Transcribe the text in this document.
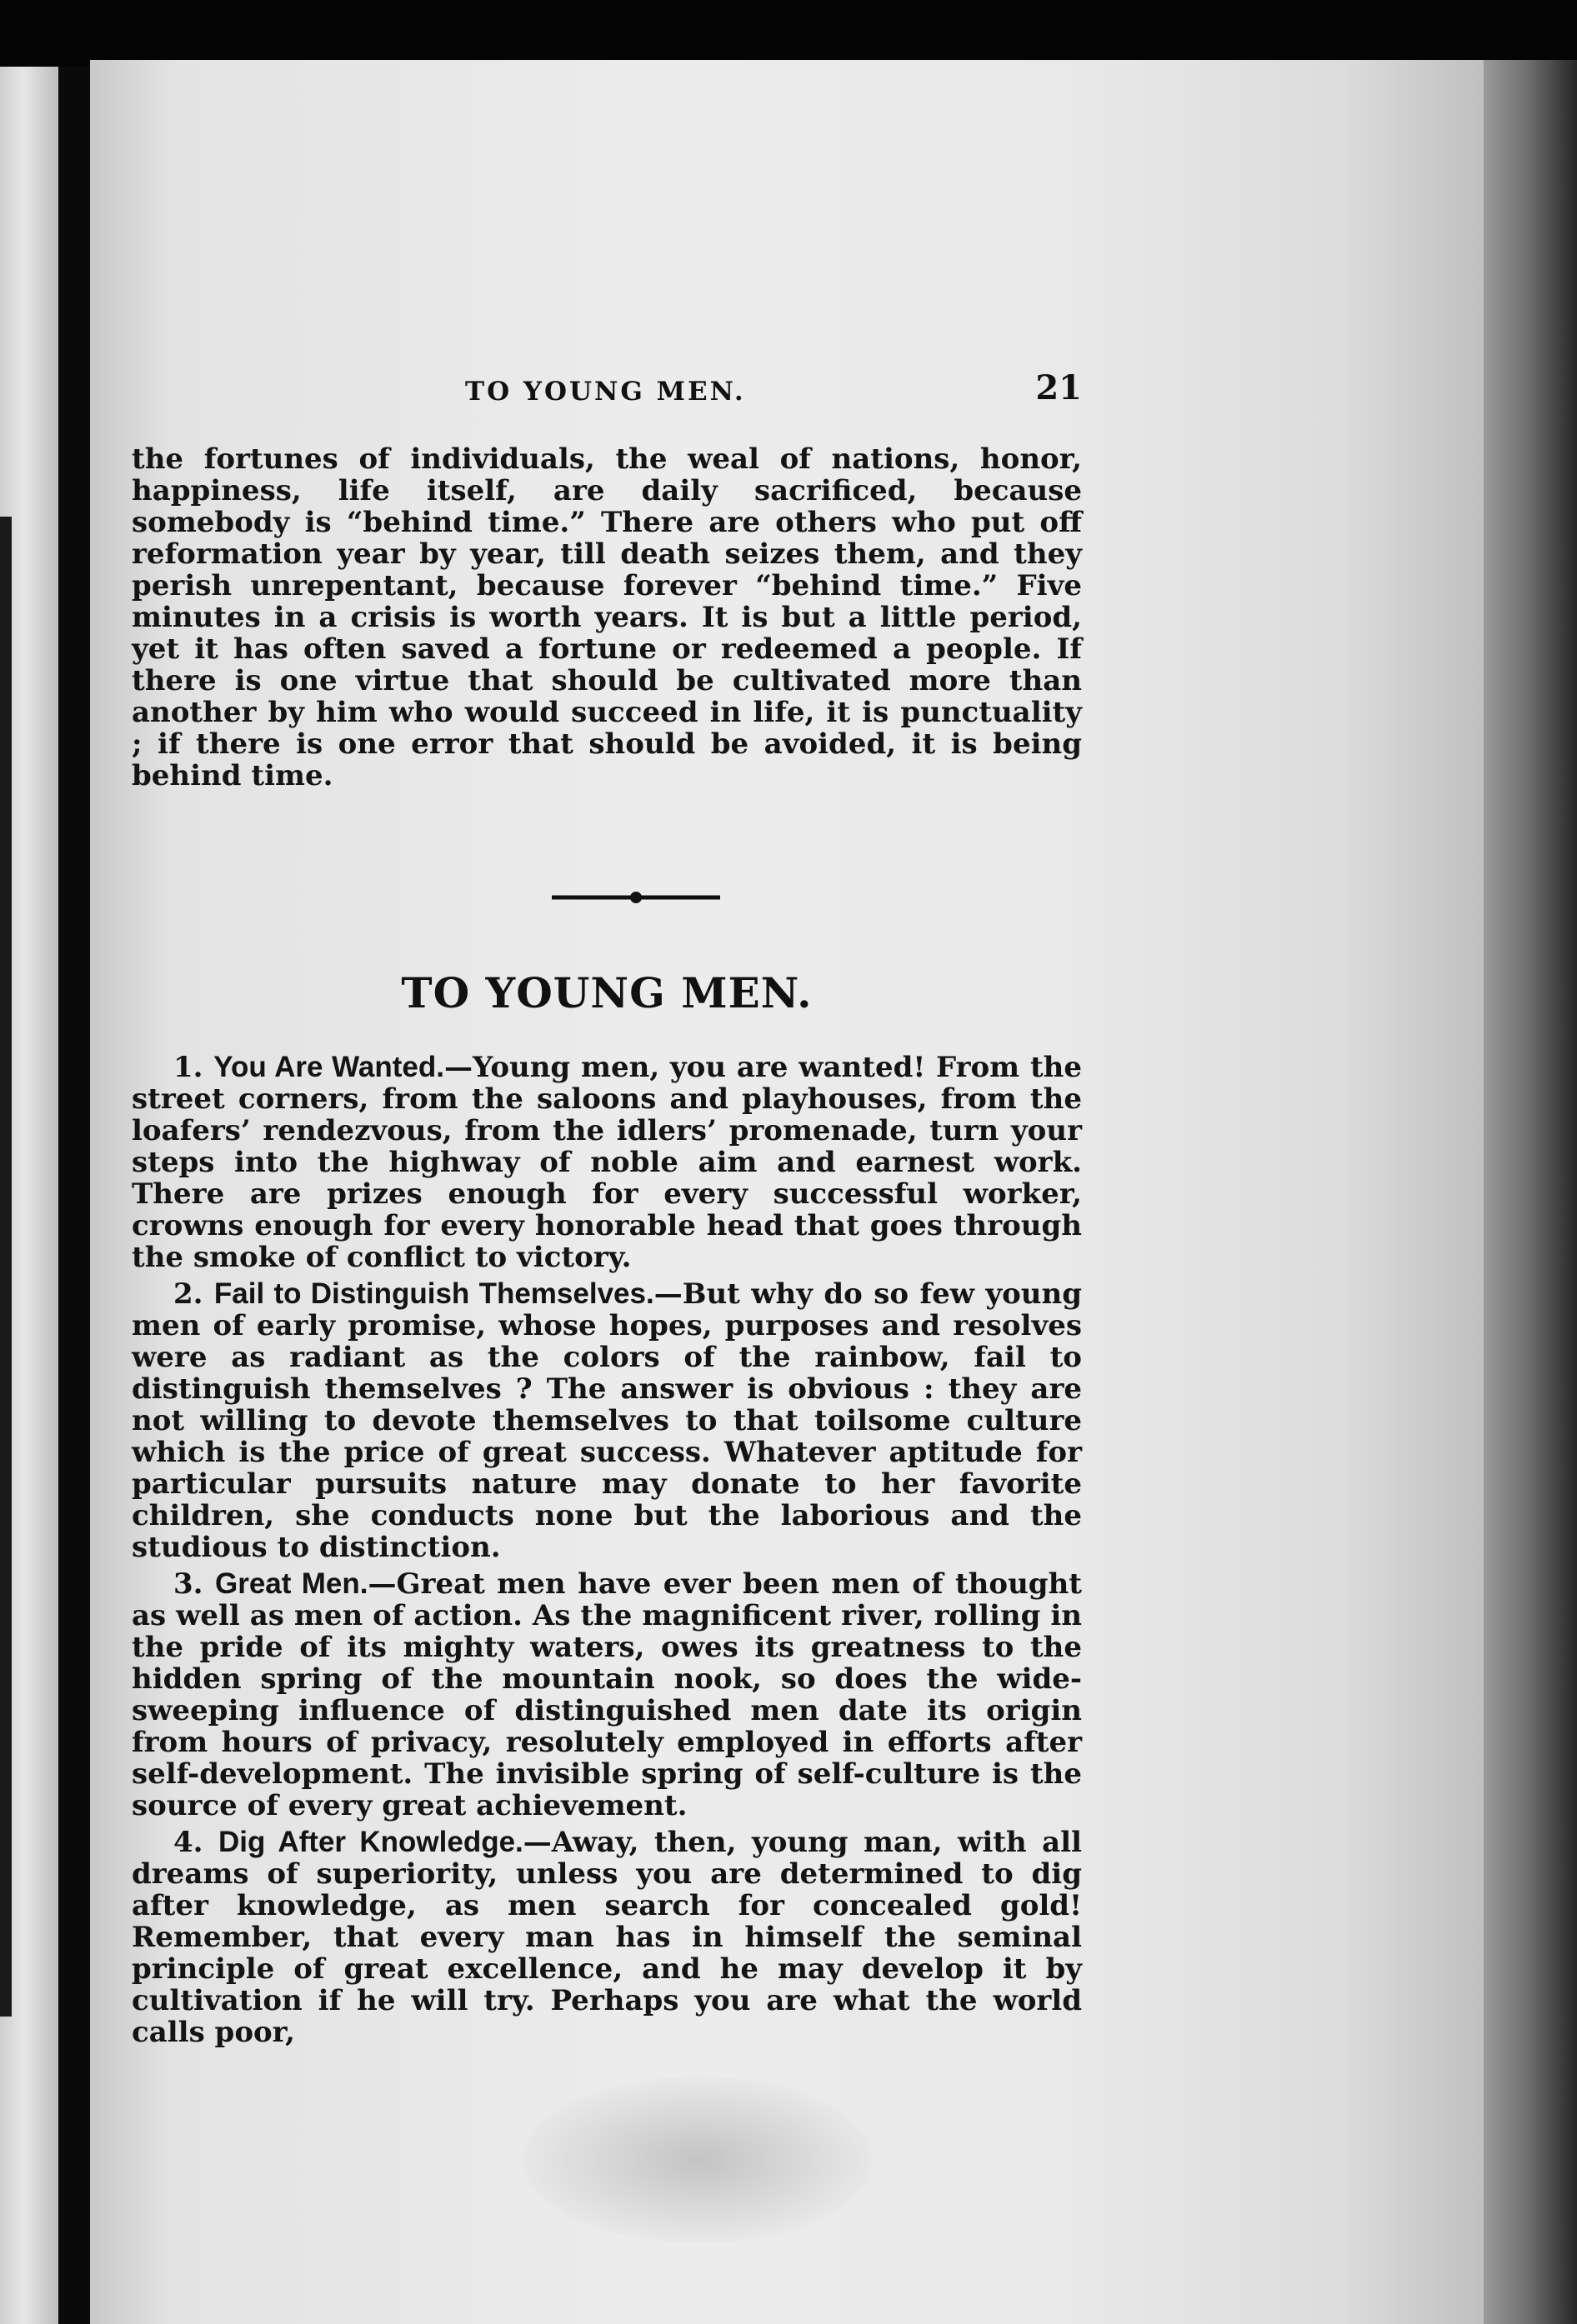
TO YOUNG MEN.	21

the fortunes of individuals, the weal of nations, honor, happiness, life itself, are daily sacrificed, because somebody is “behind time.” There are others who put off reformation year by year, till death seizes them, and they perish unrepentant, because forever “behind time.” Five minutes in a crisis is worth years. It is but a little period, yet it has often saved a fortune or redeemed a people. If there is one virtue that should be cultivated more than another by him who would succeed in life, it is punctuality ; if there is one error that should be avoided, it is being behind time.

TO YOUNG MEN.

1. You Are Wanted.—Young men, you are wanted! From the street corners, from the saloons and playhouses, from the loafers’ rendezvous, from the idlers’ promenade, turn your steps into the highway of noble aim and earnest work. There are prizes enough for every successful worker, crowns enough for every honorable head that goes through the smoke of conflict to victory.

2. Fail to Distinguish Themselves.—But why do so few young men of early promise, whose hopes, purposes and resolves were as radiant as the colors of the rainbow, fail to distinguish themselves ? The answer is obvious : they are not willing to devote themselves to that toilsome culture which is the price of great success. Whatever aptitude for particular pursuits nature may donate to her favorite children, she conducts none but the laborious and the studious to distinction.

3. Great Men.—Great men have ever been men of thought as well as men of action. As the magnificent river, rolling in the pride of its mighty waters, owes its greatness to the hidden spring of the mountain nook, so does the wide-sweeping influence of distinguished men date its origin from hours of privacy, resolutely employed in efforts after self-development. The invisible spring of self-culture is the source of every great achievement.

4. Dig After Knowledge.—Away, then, young man, with all dreams of superiority, unless you are determined to dig after knowledge, as men search for concealed gold! Remember, that every man has in himself the seminal principle of great excellence, and he may develop it by cultivation if he will try. Perhaps you are what the world calls poor,
